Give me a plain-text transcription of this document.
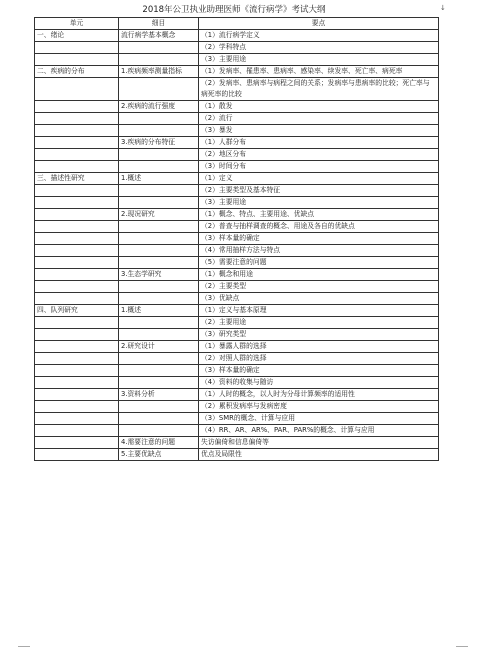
2018年公卫执业助理医师《流行病学》考试大纲	↓
单元	细目	要点
一、绪论	流行病学基本概念	（1）流行病学定义
		（2）学科特点
		（3）主要用途
二、疾病的分布	1.疾病频率测量指标	（1）发病率、罹患率、患病率、感染率、续发率、死亡率、病死率
		（2）发病率、患病率与病程之间的关系；发病率与患病率的比较；死亡率与病死率的比较
	2.疾病的流行强度	（1）散发
		（2）流行
		（3）暴发
	3.疾病的分布特征	（1）人群分布
		（2）地区分布
		（3）时间分布
三、描述性研究	1.概述	（1）定义
		（2）主要类型及基本特征
		（3）主要用途
	2.现况研究	（1）概念、特点、主要用途、优缺点
		（2）普查与抽样调查的概念、用途及各自的优缺点
		（3）样本量的确定
		（4）常用抽样方法与特点
		（5）需要注意的问题
	3.生态学研究	（1）概念和用途
		（2）主要类型
		（3）优缺点
四、队列研究	1.概述	（1）定义与基本原理
		（2）主要用途
		（3）研究类型
	2.研究设计	（1）暴露人群的选择
		（2）对照人群的选择
		（3）样本量的确定
		（4）资料的收集与随访
	3.资料分析	（1）人时的概念，以人时为分母计算频率的适用性
		（2）累积发病率与发病密度
		（3）SMR的概念、计算与应用
		（4）RR、AR、AR%、PAR、PAR%的概念、计算与应用
	4.需要注意的问题	失访偏倚和信息偏倚等
	5.主要优缺点	优点及局限性
